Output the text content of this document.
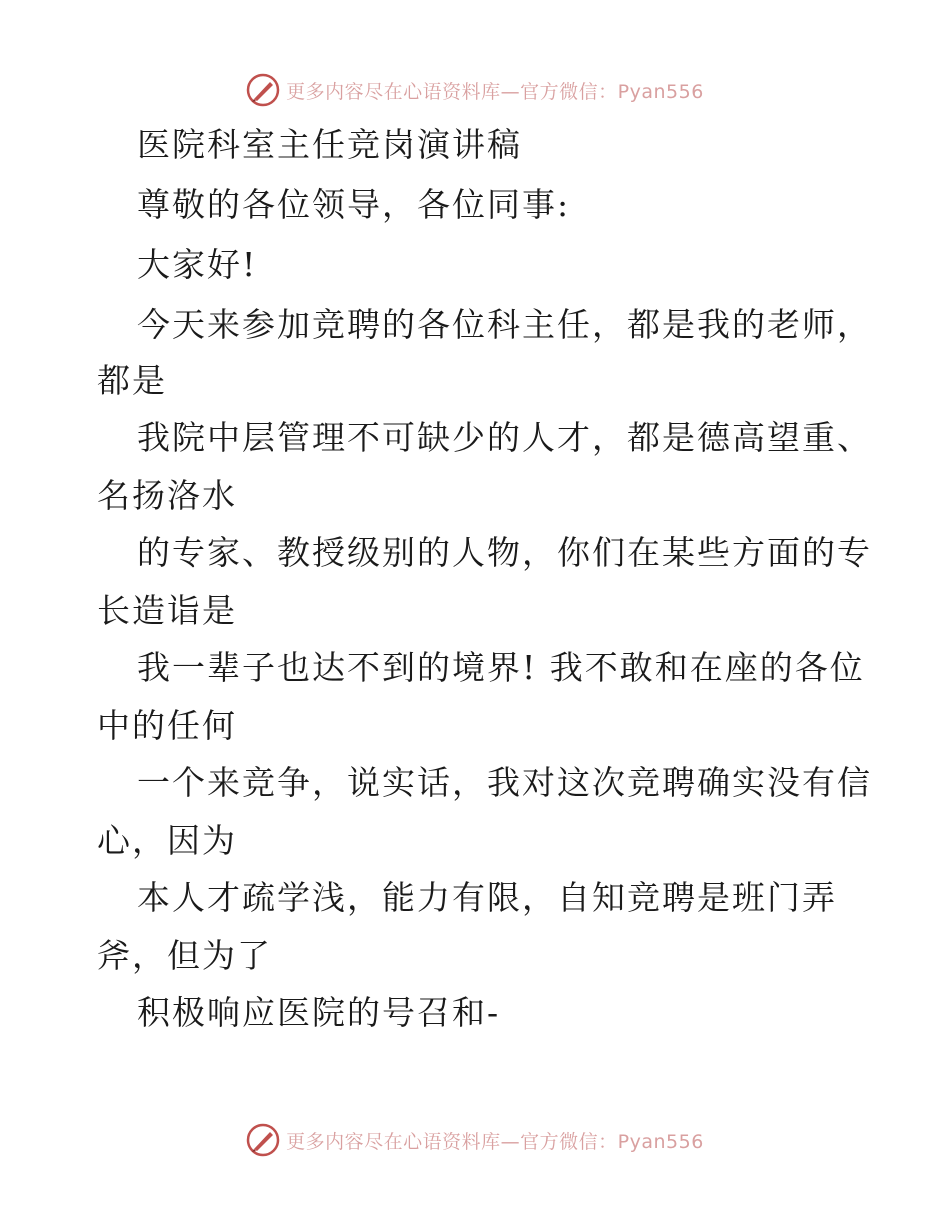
更多内容尽在心语资料库—官方微信：Pyan556
医院科室主任竞岗演讲稿
尊敬的各位领导，各位同事:
大家好!
今天来参加竞聘的各位科主任，都是我的老师，
都是
我院中层管理不可缺少的人才，都是德高望重、
名扬洛水
的专家、教授级别的人物，你们在某些方面的专
长造诣是
我一辈子也达不到的境界! 我不敢和在座的各位
中的任何
一个来竞争，说实话，我对这次竞聘确实没有信
心，因为
本人才疏学浅，能力有限，自知竞聘是班门弄
斧，但为了
积极响应医院的号召和-
更多内容尽在心语资料库—官方微信：Pyan556
